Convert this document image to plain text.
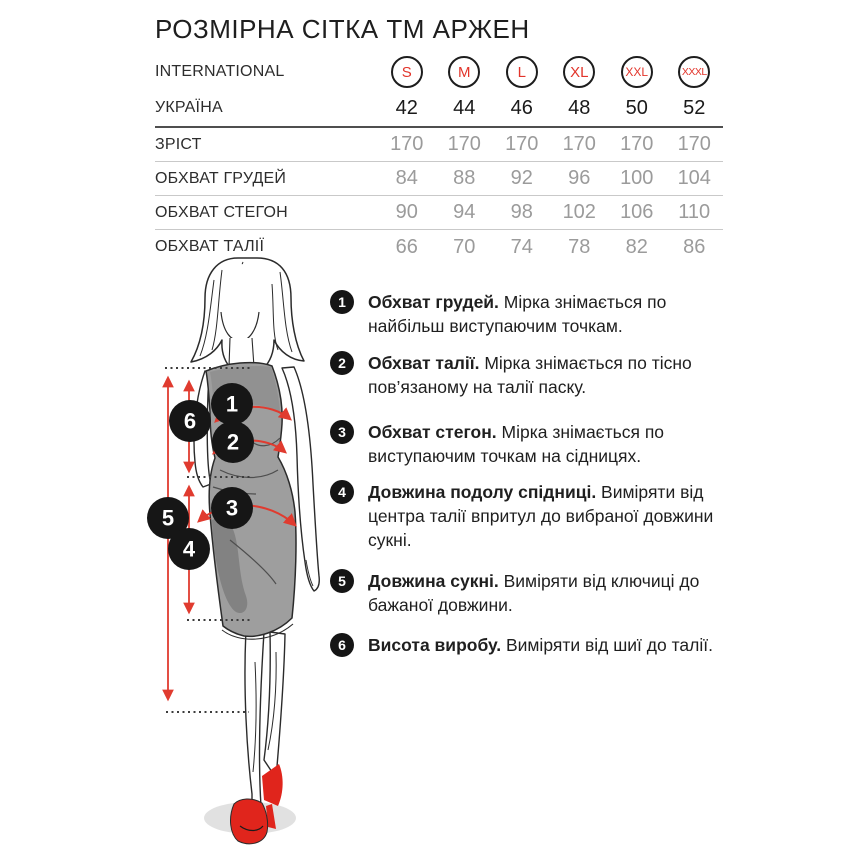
РОЗМІРНА СІТКА ТМ АРЖЕН
INTERNATIONAL	S	M	L	XL	XXL	XXXL
УКРАЇНА	42	44	46	48	50	52
ЗРІСТ	170	170	170	170	170	170
ОБХВАТ ГРУДЕЙ	84	88	92	96	100	104
ОБХВАТ СТЕГОН	90	94	98	102	106	110
ОБХВАТ ТАЛІЇ	66	70	74	78	82	86
1
2
6
3
5
4
1	Обхват грудей. Мірка знімається по найбільш виступаючим точкам.
2	Обхват талії. Мірка знімається по тісно пов’язаному на талії паску.
3	Обхват стегон. Мірка знімається по виступаючим точкам на сідницях.
4	Довжина подолу спідниці. Виміряти від центра талії впритул до вибраної довжини сукні.
5	Довжина сукні. Виміряти від ключиці до бажаної довжини.
6	Висота виробу. Виміряти від шиї до талії.
